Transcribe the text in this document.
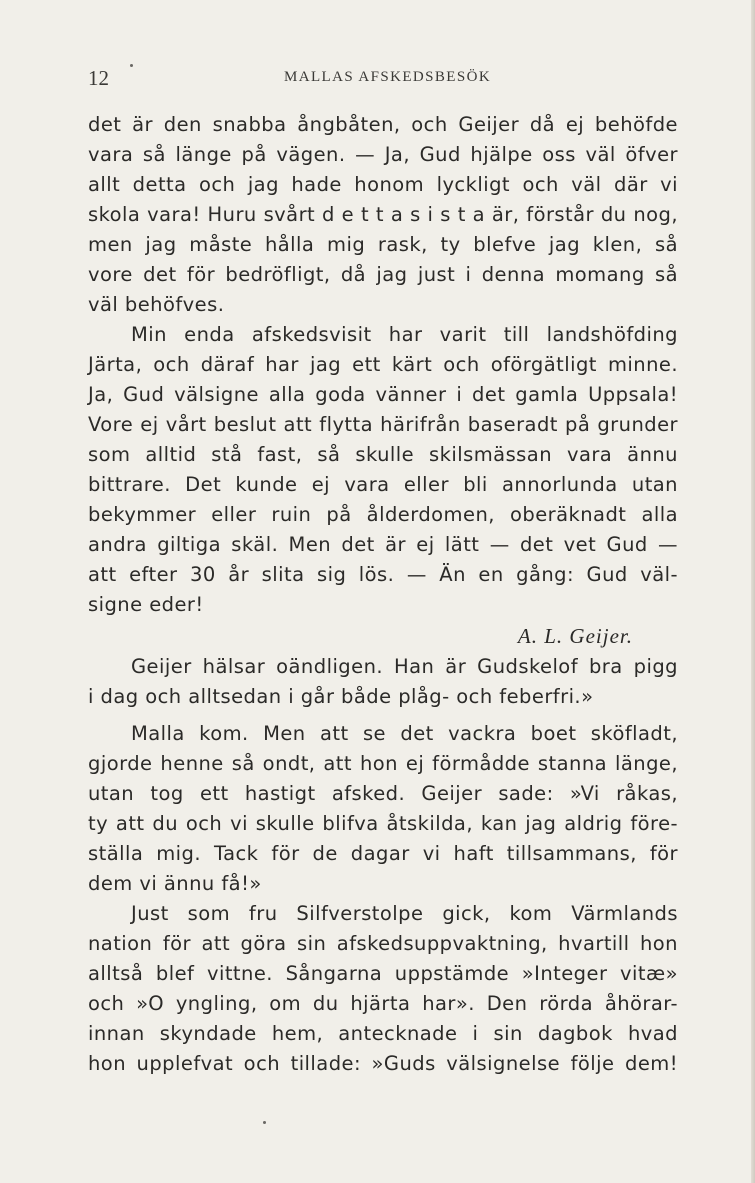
12	MALLAS AFSKEDSBESÖK
det är den snabba ångbåten, och Geijer då ej behöfde
vara så länge på vägen. — Ja, Gud hjälpe oss väl öfver
allt detta och jag hade honom lyckligt och väl där vi
skola vara! Huru svårt d e t t a s i s t a är, förstår du nog,
men jag måste hålla mig rask, ty blefve jag klen, så
vore det för bedröfligt, då jag just i denna momang så
väl behöfves.
Min enda afskedsvisit har varit till landshöfding
Järta, och däraf har jag ett kärt och oförgätligt minne.
Ja, Gud välsigne alla goda vänner i det gamla Uppsala!
Vore ej vårt beslut att flytta härifrån baseradt på grunder
som alltid stå fast, så skulle skilsmässan vara ännu
bittrare. Det kunde ej vara eller bli annorlunda utan
bekymmer eller ruin på ålderdomen, oberäknadt alla
andra giltiga skäl. Men det är ej lätt — det vet Gud —
att efter 30 år slita sig lös. — Än en gång: Gud väl-
signe eder!
A. L. Geijer.
Geijer hälsar oändligen. Han är Gudskelof bra pigg
i dag och alltsedan i går både plåg- och feberfri.»
Malla kom. Men att se det vackra boet sköfladt,
gjorde henne så ondt, att hon ej förmådde stanna länge,
utan tog ett hastigt afsked. Geijer sade: »Vi råkas,
ty att du och vi skulle blifva åtskilda, kan jag aldrig före-
ställa mig. Tack för de dagar vi haft tillsammans, för
dem vi ännu få!»
Just som fru Silfverstolpe gick, kom Värmlands
nation för att göra sin afskedsuppvaktning, hvartill hon
alltså blef vittne. Sångarna uppstämde »Integer vitæ»
och »O yngling, om du hjärta har». Den rörda åhörar-
innan skyndade hem, antecknade i sin dagbok hvad
hon upplefvat och tillade: »Guds välsignelse följe dem!
